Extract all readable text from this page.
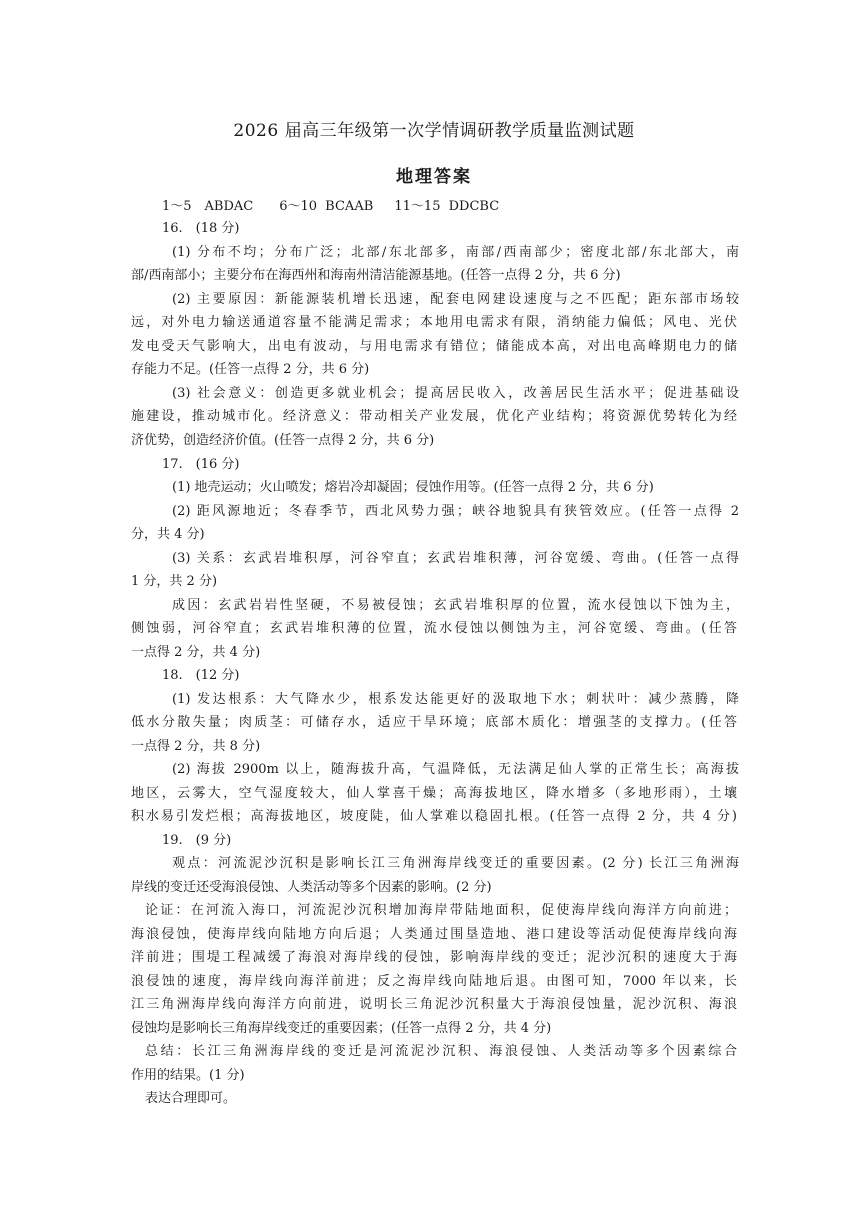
2026 届高三年级第一次学情调研教学质量监测试题
地理答案
1～5　ABDAC　　6～10 BCAAB　 11～15 DDCBC
16.　(18 分)
(1) 分布不均；分布广泛；北部/东北部多，南部/西南部少；密度北部/东北部大，南
部/西南部小；主要分布在海西州和海南州清洁能源基地。(任答一点得 2 分，共 6 分)
(2) 主要原因：新能源装机增长迅速，配套电网建设速度与之不匹配；距东部市场较
远，对外电力输送通道容量不能满足需求；本地用电需求有限，消纳能力偏低；风电、光伏
发电受天气影响大，出电有波动，与用电需求有错位；储能成本高，对出电高峰期电力的储
存能力不足。(任答一点得 2 分，共 6 分)
(3) 社会意义：创造更多就业机会；提高居民收入，改善居民生活水平；促进基础设
施建设，推动城市化。经济意义：带动相关产业发展，优化产业结构；将资源优势转化为经
济优势，创造经济价值。(任答一点得 2 分，共 6 分)
17.　(16 分)
(1) 地壳运动；火山喷发；熔岩冷却凝固；侵蚀作用等。(任答一点得 2 分，共 6 分)
(2) 距风源地近；冬春季节，西北风势力强；峡谷地貌具有狭管效应。(任答一点得 2
分，共 4 分)
(3) 关系：玄武岩堆积厚，河谷窄直；玄武岩堆积薄，河谷宽缓、弯曲。(任答一点得
1 分，共 2 分)
成因：玄武岩岩性坚硬，不易被侵蚀；玄武岩堆积厚的位置，流水侵蚀以下蚀为主，
侧蚀弱，河谷窄直；玄武岩堆积薄的位置，流水侵蚀以侧蚀为主，河谷宽缓、弯曲。(任答
一点得 2 分，共 4 分)
18.　(12 分)
(1) 发达根系：大气降水少，根系发达能更好的汲取地下水；刺状叶：减少蒸腾，降
低水分散失量；肉质茎：可储存水，适应干旱环境；底部木质化：增强茎的支撑力。(任答
一点得 2 分，共 8 分)
(2) 海拔 2900m 以上，随海拔升高，气温降低，无法满足仙人掌的正常生长；高海拔
地区，云雾大，空气湿度较大，仙人掌喜干燥；高海拔地区，降水增多（多地形雨），土壤
积水易引发烂根；高海拔地区，坡度陡，仙人掌难以稳固扎根。(任答一点得 2 分，共 4 分)
19.　(9 分)
观点：河流泥沙沉积是影响长江三角洲海岸线变迁的重要因素。(2 分) 长江三角洲海
岸线的变迁还受海浪侵蚀、人类活动等多个因素的影响。(2 分)
论证：在河流入海口，河流泥沙沉积增加海岸带陆地面积，促使海岸线向海洋方向前进；
海浪侵蚀，使海岸线向陆地方向后退；人类通过围垦造地、港口建设等活动促使海岸线向海
洋前进；围堤工程减缓了海浪对海岸线的侵蚀，影响海岸线的变迁；泥沙沉积的速度大于海
浪侵蚀的速度，海岸线向海洋前进；反之海岸线向陆地后退。由图可知，7000 年以来，长
江三角洲海岸线向海洋方向前进，说明长三角泥沙沉积量大于海浪侵蚀量，泥沙沉积、海浪
侵蚀均是影响长三角海岸线变迁的重要因素；(任答一点得 2 分，共 4 分)
总结：长江三角洲海岸线的变迁是河流泥沙沉积、海浪侵蚀、人类活动等多个因素综合
作用的结果。(1 分)
表达合理即可。
